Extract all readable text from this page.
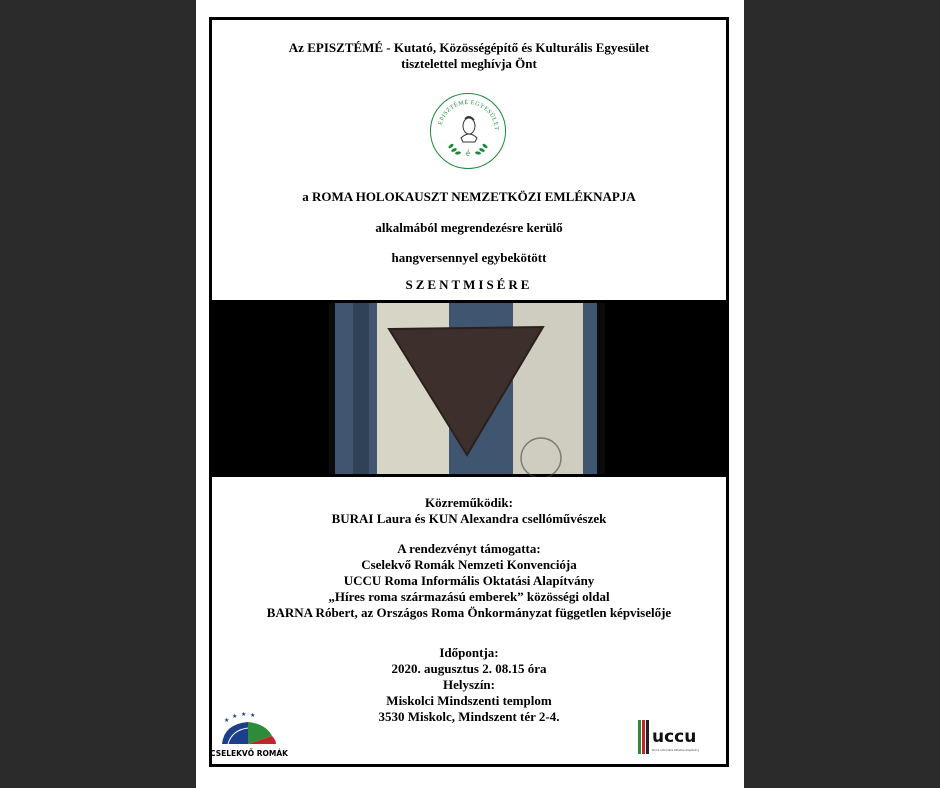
Az EPISZTÉMÉ - Kutató, Közösségépítő és Kulturális Egyesület
tisztelettel meghívja Önt
a ROMA HOLOKAUSZT NEMZETKÖZI EMLÉKNAPJA
alkalmából megrendezésre kerülő
hangversennyel egybekötött
SZENTMISÉRE
EPISZTÉMÉ EGYESÜLET
é
Közreműködik:
BURAI Laura és KUN Alexandra csellóművészek
A rendezvényt támogatta:
Cselekvő Romák Nemzeti Konvenciója
UCCU Roma Informális Oktatási Alapítvány
„Híres roma származású emberek” közösségi oldal
BARNA Róbert, az Országos Roma Önkormányzat független képviselője
Időpontja:
2020. augusztus 2. 08.15 óra
Helyszín:
Miskolci Mindszenti templom
3530 Miskolc, Mindszent tér 2-4.
★
★ ★ ★
CSELEKVŐ ROMÁK
uccu
Roma Informális Oktatási Alapítvány
